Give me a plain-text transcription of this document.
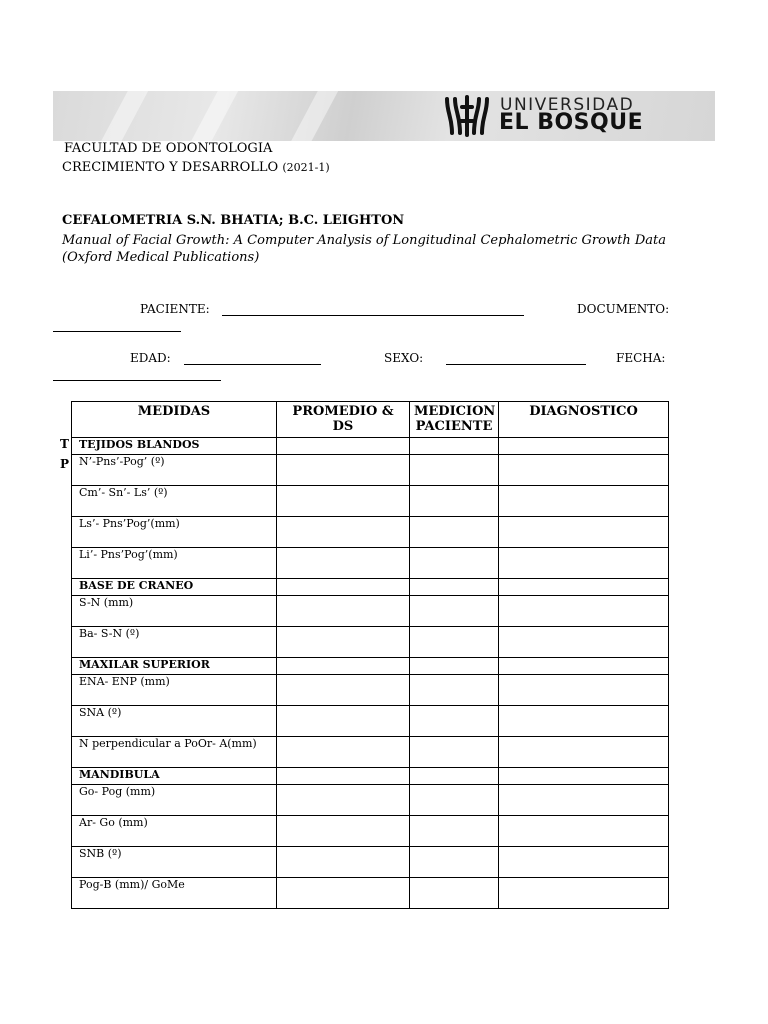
UNIVERSIDAD
EL BOSQUE
FACULTAD DE ODONTOLOGIA
CRECIMIENTO Y DESARROLLO (2021-1)
CEFALOMETRIA S.N. BHATIA; B.C. LEIGHTON
Manual of Facial Growth: A Computer Analysis of Longitudinal Cephalometric Growth Data
(Oxford Medical Publications)
PACIENTE:	DOCUMENTO:
EDAD:	SEXO:	FECHA:
T
P
MEDIDAS	PROMEDIO & DS	MEDICION PACIENTE	DIAGNOSTICO
TEJIDOS BLANDOS			
N’-Pns’-Pog’ (º)			
Cm’- Sn’- Ls’ (º)			
Ls’- Pns’Pog’(mm)			
Li’- Pns’Pog’(mm)			
BASE DE CRANEO			
S-N (mm)			
Ba- S-N (º)			
MAXILAR SUPERIOR			
ENA- ENP (mm)			
SNA (º)			
N perpendicular a PoOr- A(mm)			
MANDIBULA			
Go- Pog (mm)			
Ar- Go (mm)			
SNB (º)			
Pog-B (mm)/ GoMe			
